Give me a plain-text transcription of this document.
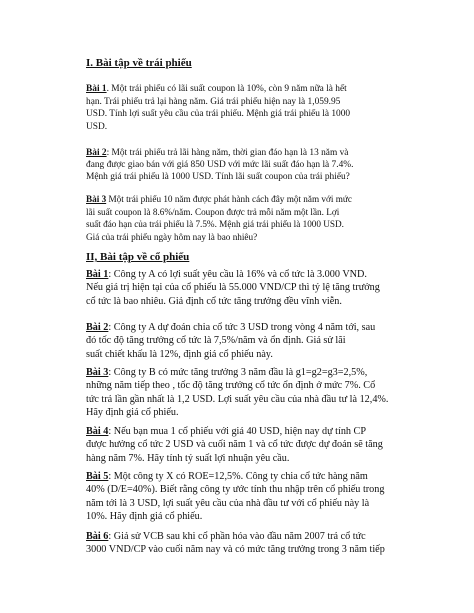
I. Bài tập về trái phiếu
Bài 1. Một trái phiếu có lãi suất coupon là 10%, còn 9 năm nữa là hết
hạn. Trái phiếu trả lại hàng năm. Giá trái phiếu hiện nay là 1,059.95
USD. Tính lợi suất yêu cầu của trái phiếu. Mệnh giá trái phiếu là 1000
USD.
Bài 2: Một trái phiếu trả lãi hàng năm, thời gian đáo hạn là 13 năm và
đang được giao bán với giá 850 USD với mức lãi suất đáo hạn là 7.4%.
Mệnh giá trái phiếu là 1000 USD. Tính lãi suất coupon của trái phiếu?
Bài 3 Một trái phiếu 10 năm được phát hành cách đây một năm với mức
lãi suất coupon là 8.6%/năm. Coupon được trả mỗi năm một lần. Lợi
suất đáo hạn của trái phiếu là 7.5%. Mệnh giá trái phiếu là 1000 USD.
Giá của trái phiếu ngày hôm nay là bao nhiêu?
II, Bài tập về cổ phiếu
Bài 1: Công ty A có lợi suất yêu cầu là 16% và cổ tức là 3.000 VND.
Nếu giá trị hiện tại của cổ phiếu là 55.000 VND/CP thì tỷ lệ tăng trưởng
cổ tức là bao nhiêu. Giả định cổ tức tăng trưởng đều vĩnh viễn.
Bài 2: Công ty A dự đoán chia cổ tức 3 USD trong vòng 4 năm tới, sau
đó tốc độ tăng trưởng cổ tức là 7,5%/năm và ổn định. Giả sử lãi
suất chiết khấu là 12%, định giá cổ phiếu này.
Bài 3: Công ty B có mức tăng trưởng 3 năm đầu là g1=g2=g3=2,5%,
những năm tiếp theo , tốc độ tăng trưởng cổ tức ổn định ở mức 7%. Cổ
tức trả lần gần nhất là 1,2 USD. Lợi suất yêu cầu của nhà đầu tư là 12,4%.
Hãy định giá cổ phiếu.
Bài 4: Nếu bạn mua 1 cổ phiếu với giá 40 USD, hiện nay dự tính CP
được hưởng cổ tức 2 USD và cuối năm 1 và cổ tức được dự đoán sẽ tăng
hàng năm 7%. Hãy tính tỷ suất lợi nhuận yêu cầu.
Bài 5: Một công ty X có ROE=12,5%. Công ty chia cổ tức hàng năm
40% (D/E=40%). Biết rằng công ty ước tính thu nhập trên cổ phiếu trong
năm tới là 3 USD, lợi suất yêu cầu của nhà đầu tư với cổ phiếu này là
10%. Hãy định giá cổ phiếu.
Bài 6: Giả sử VCB sau khi cổ phần hóa vào đầu năm 2007 trả cổ tức
3000 VND/CP vào cuối năm nay và có mức tăng trưởng trong 3 năm tiếp
